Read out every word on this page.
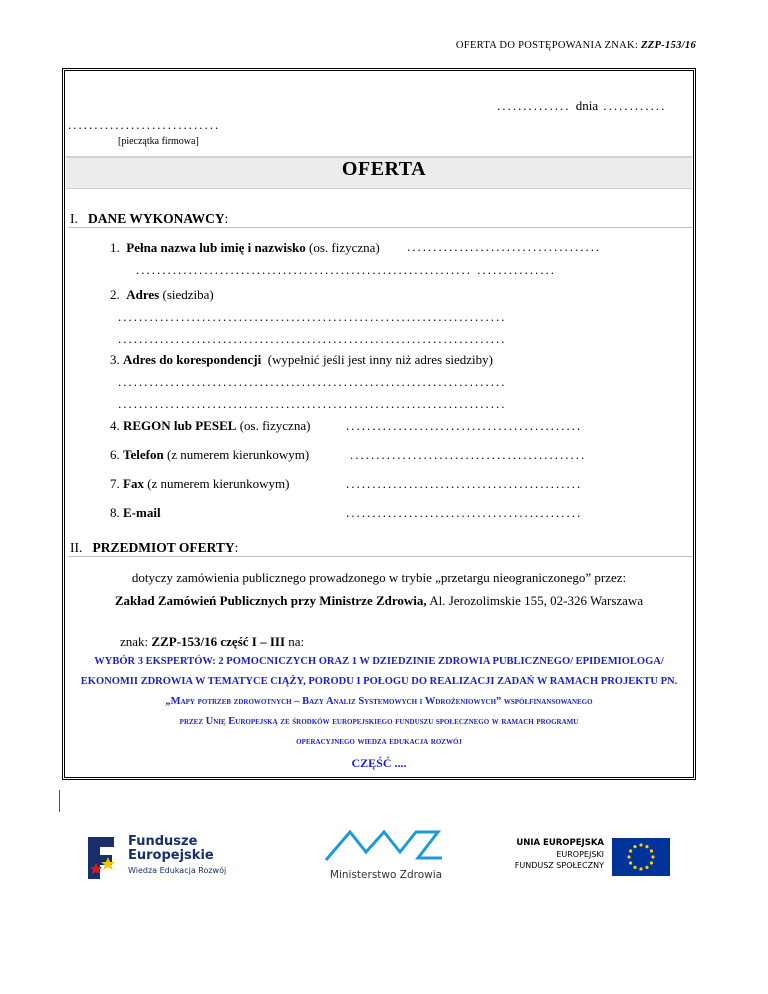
OFERTA DO POSTĘPOWANIA ZNAK: ZZP-153/16
.............. dnia ............
.............................
[pieczątka firmowa]
OFERTA
I. DANE WYKONAWCY:
1. Pełna nazwa lub imię i nazwisko (os. fizyczna) .....................................
................................................................ ...............
2. Adres (siedziba)
..........................................................................
..........................................................................
3. Adres do korespondencji (wypełnić jeśli jest inny niż adres siedziby)
..........................................................................
..........................................................................
4. REGON lub PESEL (os. fizyczna)	.............................................
6. Telefon (z numerem kierunkowym)	.............................................
7. Fax (z numerem kierunkowym)	.............................................
8. E-mail	.............................................
II. PRZEDMIOT OFERTY:
dotyczy zamówienia publicznego prowadzonego w trybie „przetargu nieograniczonego” przez:
Zakład Zamówień Publicznych przy Ministrze Zdrowia, Al. Jerozolimskie 155, 02-326 Warszawa
znak: ZZP-153/16 część I – III na:
WYBÓR 3 EKSPERTÓW: 2 POMOCNICZYCH ORAZ 1 W DZIEDZINIE ZDROWIA PUBLICZNEGO/ EPIDEMIOLOGA/
EKONOMII ZDROWIA W TEMATYCE CIĄŻY, PORODU I POŁOGU DO REALIZACJI ZADAŃ W RAMACH PROJEKTU PN.
„Mapy potrzeb zdrowotnych – Bazy Analiz Systemowych i Wdrożeniowych” współfinansowanego
przez Unię Europejską ze środków europejskiego funduszu społecznego w ramach programu
operacyjnego wiedza edukacja rozwój
CZĘŚĆ ....
Fundusze
Europejskie
Wiedza Edukacja Rozwój	Ministerstwo Zdrowia
UNIA EUROPEJSKA
EUROPEJSKI
FUNDUSZ SPOŁECZNY
